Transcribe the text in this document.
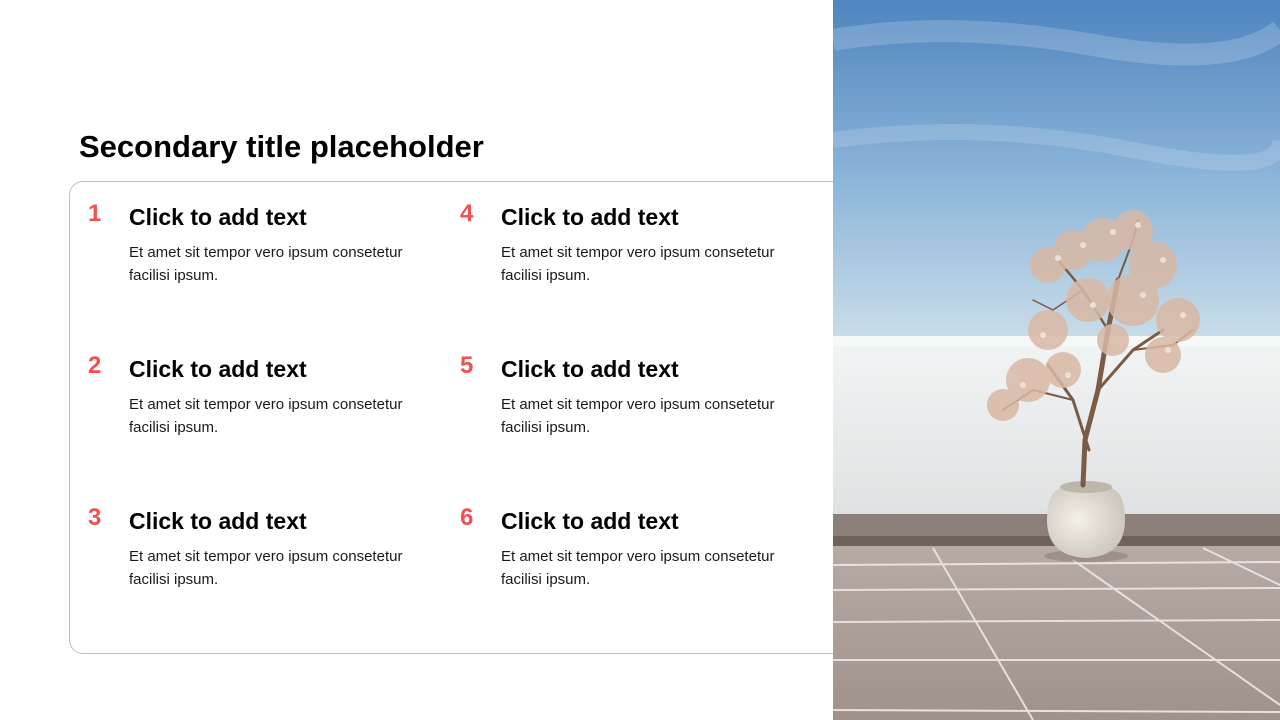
Secondary title placeholder
1 Click to add text

Et amet sit tempor vero ipsum consetetur facilisi ipsum.

2 Click to add text

Et amet sit tempor vero ipsum consetetur facilisi ipsum.

3 Click to add text

Et amet sit tempor vero ipsum consetetur facilisi ipsum.

4 Click to add text

Et amet sit tempor vero ipsum consetetur facilisi ipsum.

5 Click to add text

Et amet sit tempor vero ipsum consetetur facilisi ipsum.

6 Click to add text

Et amet sit tempor vero ipsum consetetur facilisi ipsum.
